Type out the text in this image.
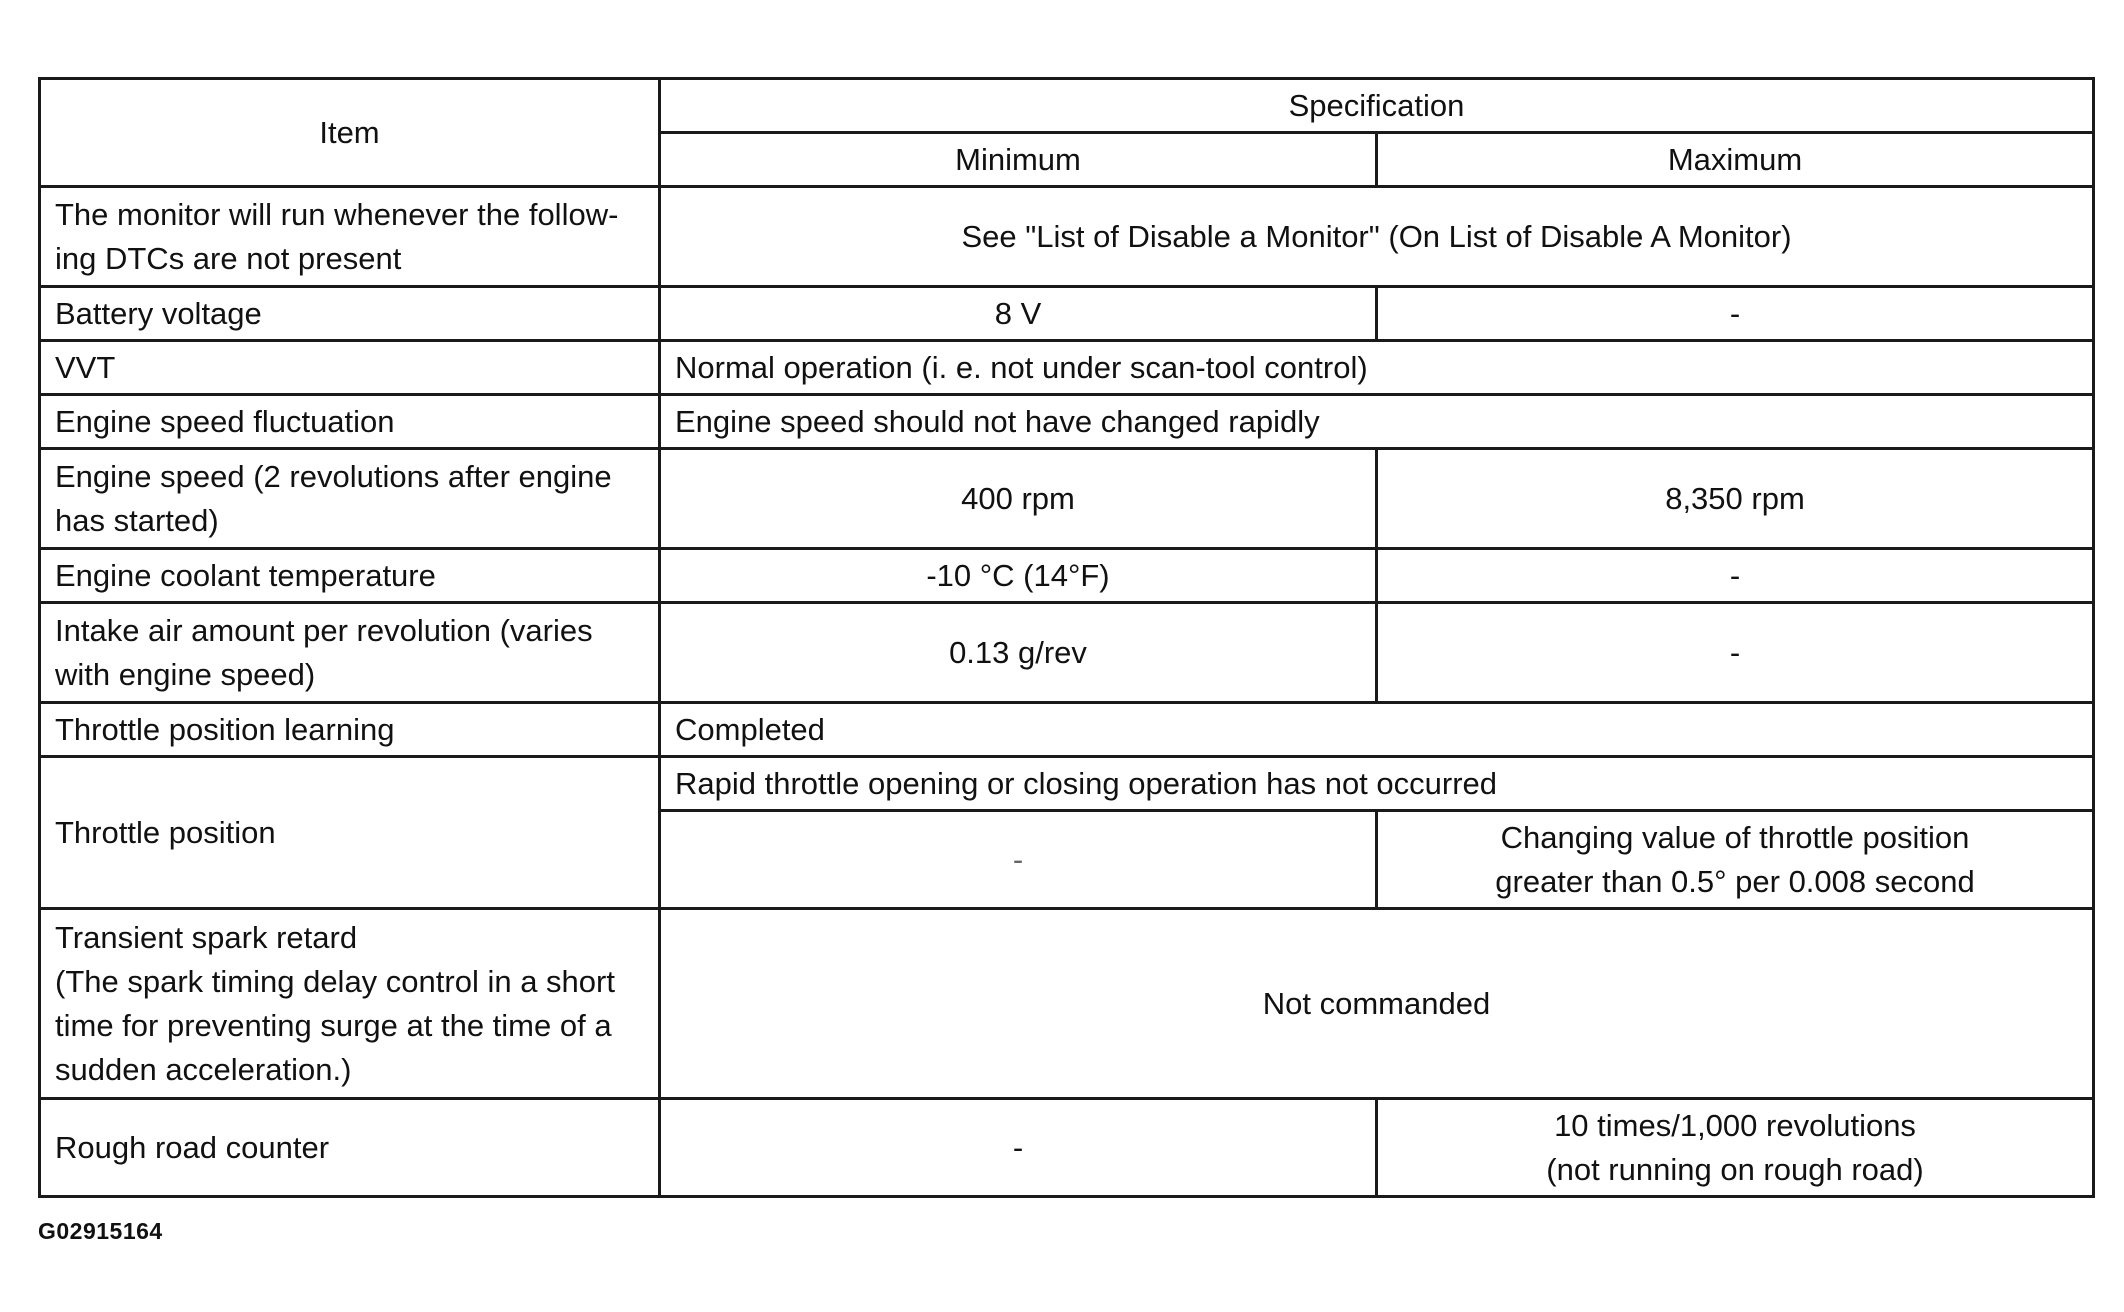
Item	Specification	
	Minimum	Maximum

The monitor will run whenever the follow-
ing DTCs are not present	See "List of Disable a Monitor" (On List of Disable A Monitor)	
Battery voltage	8 V	-
VVT	Normal operation (i. e. not under scan-tool control)	
Engine speed fluctuation	Engine speed should not have changed rapidly	

Engine speed (2 revolutions after engine
has started)	400 rpm	8,350 rpm
Engine coolant temperature	-10 °C (14°F)	-

Intake air amount per revolution (varies
with engine speed)	0.13 g/rev	-
Throttle position learning	Completed	
Throttle position	Rapid throttle opening or closing operation has not occurred	
	-	Changing value of throttle position
greater than 0.5° per 0.008 second

Transient spark retard
(The spark timing delay control in a short
time for preventing surge at the time of a
sudden acceleration.)	Not commanded	
Rough road counter	-	10 times/1,000 revolutions
(not running on rough road)
G02915164
